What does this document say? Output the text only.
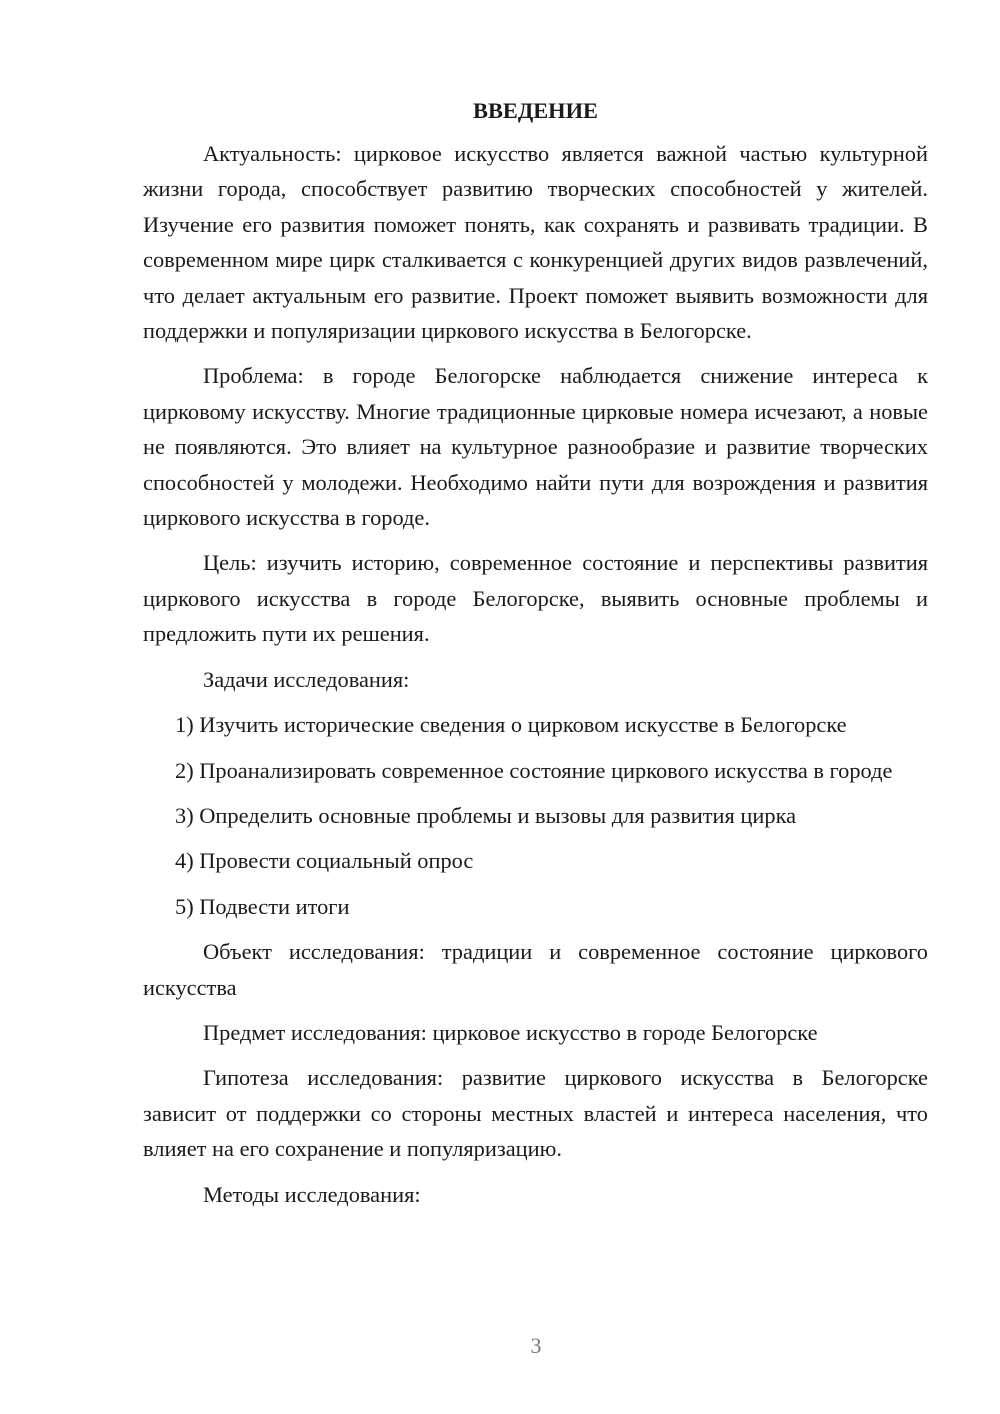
ВВЕДЕНИЕ

Актуальность: цирковое искусство является важной частью культурной жизни города, способствует развитию творческих способностей у жителей. Изучение его развития поможет понять, как сохранять и развивать традиции. В современном мире цирк сталкивается с конкуренцией других видов развлечений, что делает актуальным его развитие. Проект поможет выявить возможности для поддержки и популяризации циркового искусства в Белогорске.

Проблема: в городе Белогорске наблюдается снижение интереса к цирковому искусству. Многие традиционные цирковые номера исчезают, а новые не появляются. Это влияет на культурное разнообразие и развитие творческих способностей у молодежи. Необходимо найти пути для возрождения и развития циркового искусства в городе.

Цель: изучить историю, современное состояние и перспективы развития циркового искусства в городе Белогорске, выявить основные проблемы и предложить пути их решения.

Задачи исследования:

1) Изучить исторические сведения о цирковом искусстве в Белогорске

2) Проанализировать современное состояние циркового искусства в городе

3) Определить основные проблемы и вызовы для развития цирка

4) Провести социальный опрос

5) Подвести итоги

Объект исследования: традиции и современное состояние циркового искусства

Предмет исследования: цирковое искусство в городе Белогорске

Гипотеза исследования: развитие циркового искусства в Белогорске зависит от поддержки со стороны местных властей и интереса населения, что влияет на его сохранение и популяризацию.

Методы исследования:

3
